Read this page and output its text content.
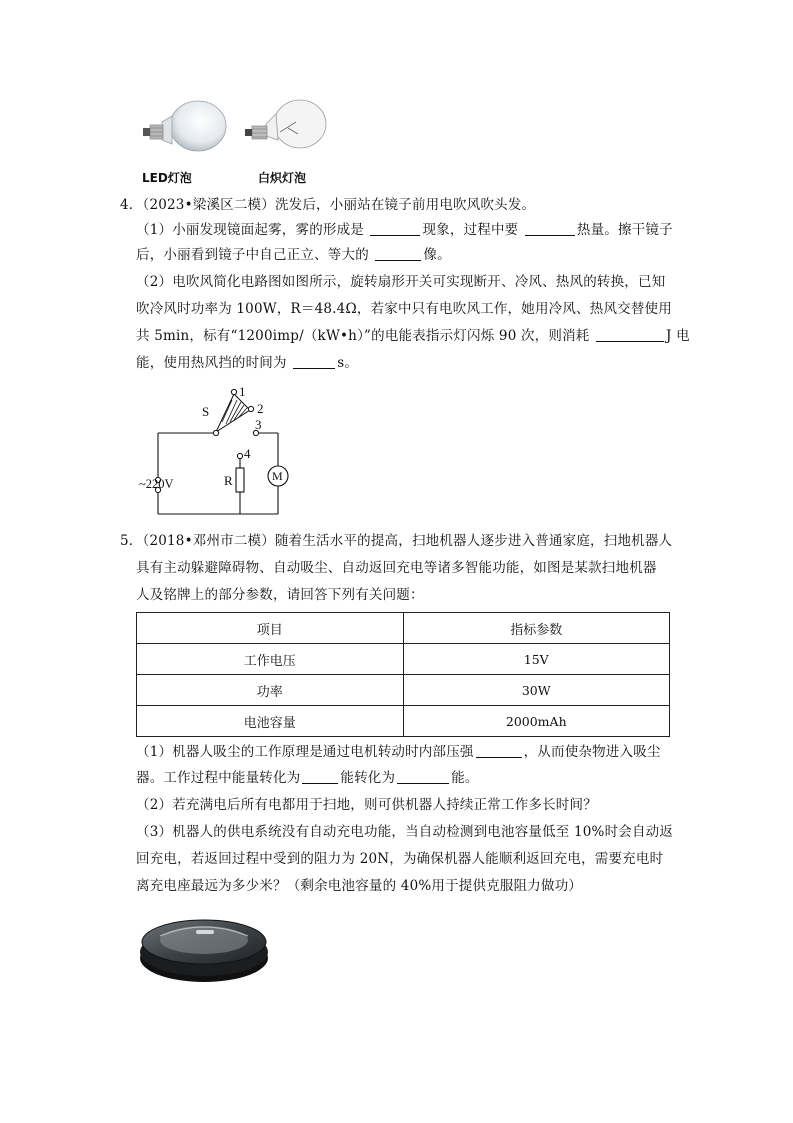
LED灯泡	白炽灯泡
4．（2023•梁溪区二模）洗发后，小丽站在镜子前用电吹风吹头发。
（1）小丽发现镜面起雾，雾的形成是	现象，过程中要	热量。擦干镜子
后，小丽看到镜子中自己正立、等大的	像。
（2）电吹风简化电路图如图所示，旋转扇形开关可实现断开、冷风、热风的转换，已知
吹冷风时功率为 100W，R＝48.4Ω，若家中只有电吹风工作，她用冷风、热风交替使用
共 5min，标有“1200imp/（kW•h）”的电能表指示灯闪烁 90 次，则消耗	J 电
能，使用热风挡的时间为	s。
S
1
2
3
4
R	M
~220V
5．（2018•邓州市二模）随着生活水平的提高，扫地机器人逐步进入普通家庭，扫地机器人
具有主动躲避障碍物、自动吸尘、自动返回充电等诸多智能功能，如图是某款扫地机器
人及铭牌上的部分参数，请回答下列有关问题：
项目	指标参数
工作电压	15V
功率	30W
电池容量	2000mAh
（1）机器人吸尘的工作原理是通过电机转动时内部压强	，从而使杂物进入吸尘
器。工作过程中能量转化为	能转化为	能。
（2）若充满电后所有电都用于扫地，则可供机器人持续正常工作多长时间？
（3）机器人的供电系统没有自动充电功能，当自动检测到电池容量低至 10%时会自动返
回充电，若返回过程中受到的阻力为 20N，为确保机器人能顺利返回充电，需要充电时
离充电座最远为多少米？（剩余电池容量的 40%用于提供克服阻力做功）
